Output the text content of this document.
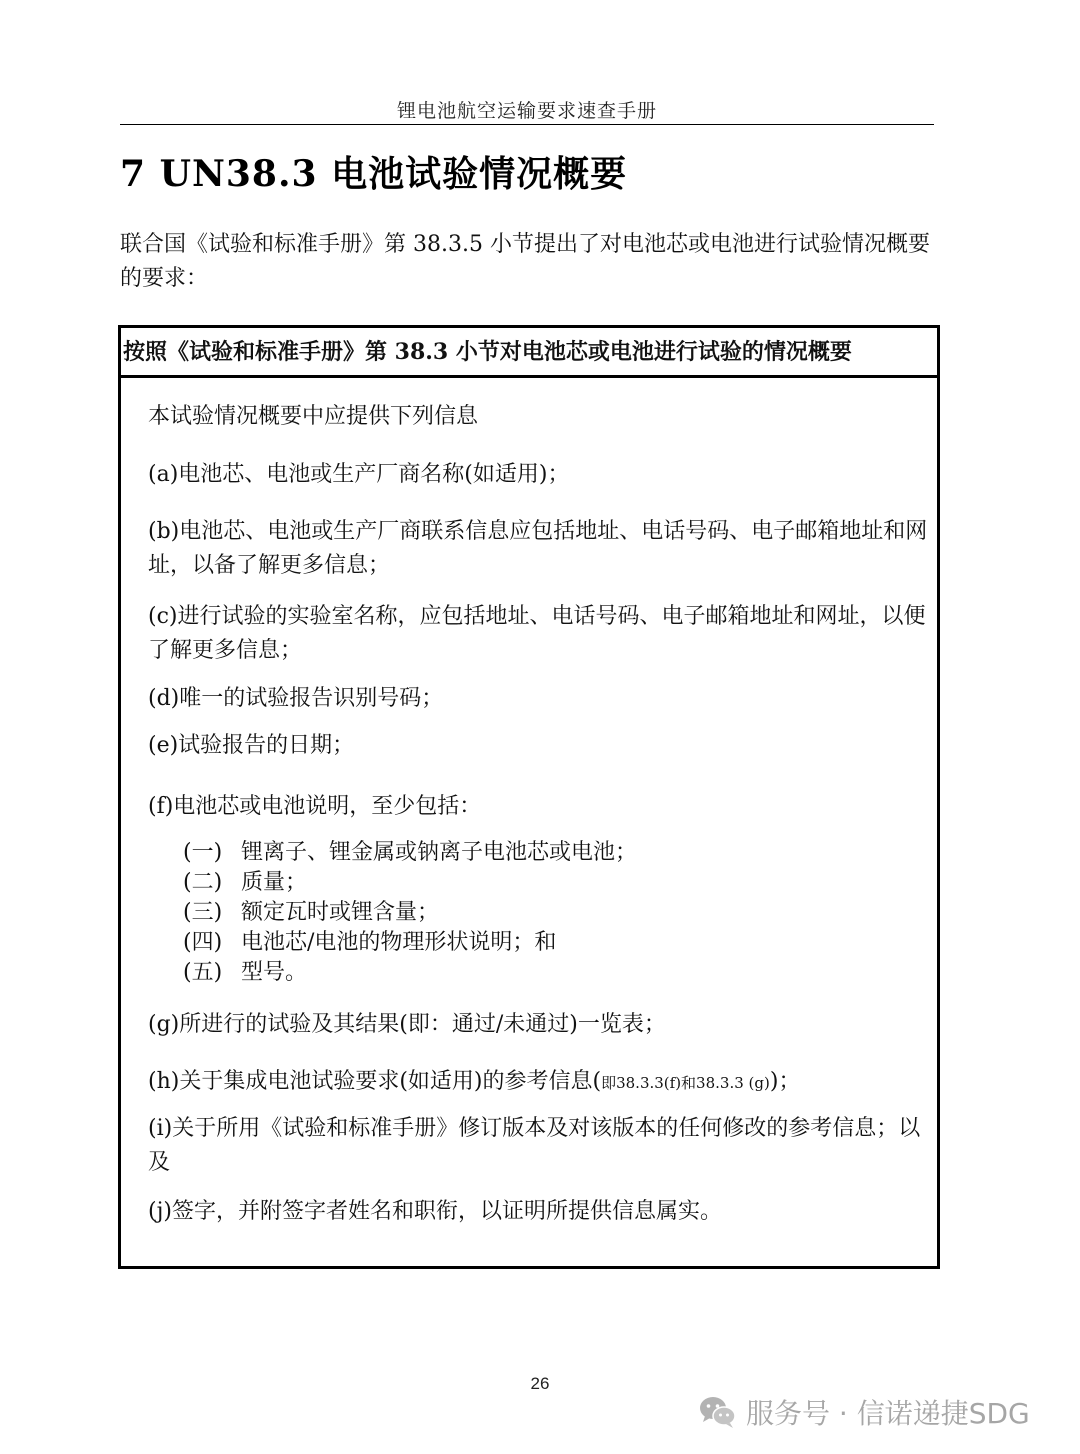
锂电池航空运输要求速查手册
7 UN38.3 电池试验情况概要
联合国《试验和标准手册》第 38.3.5 小节提出了对电池芯或电池进行试验情况概要的要求：
按照《试验和标准手册》第 38.3 小节对电池芯或电池进行试验的情况概要
本试验情况概要中应提供下列信息
(a)电池芯、电池或生产厂商名称(如适用)；
(b)电池芯、电池或生产厂商联系信息应包括地址、电话号码、电子邮箱地址和网址，以备了解更多信息；
(c)进行试验的实验室名称，应包括地址、电话号码、电子邮箱地址和网址，以便了解更多信息；
(d)唯一的试验报告识别号码；
(e)试验报告的日期；
(f)电池芯或电池说明，至少包括：
(一) 锂离子、锂金属或钠离子电池芯或电池；
(二) 质量；
(三) 额定瓦时或锂含量；
(四) 电池芯/电池的物理形状说明；和
(五) 型号。
(g)所进行的试验及其结果(即：通过/未通过)一览表；
(h)关于集成电池试验要求(如适用)的参考信息(即38.3.3(f)和38.3.3 (g))；
(i)关于所用《试验和标准手册》修订版本及对该版本的任何修改的参考信息；以及
(j)签字，并附签字者姓名和职衔，以证明所提供信息属实。
26
服务号 · 信诺递捷SDG
